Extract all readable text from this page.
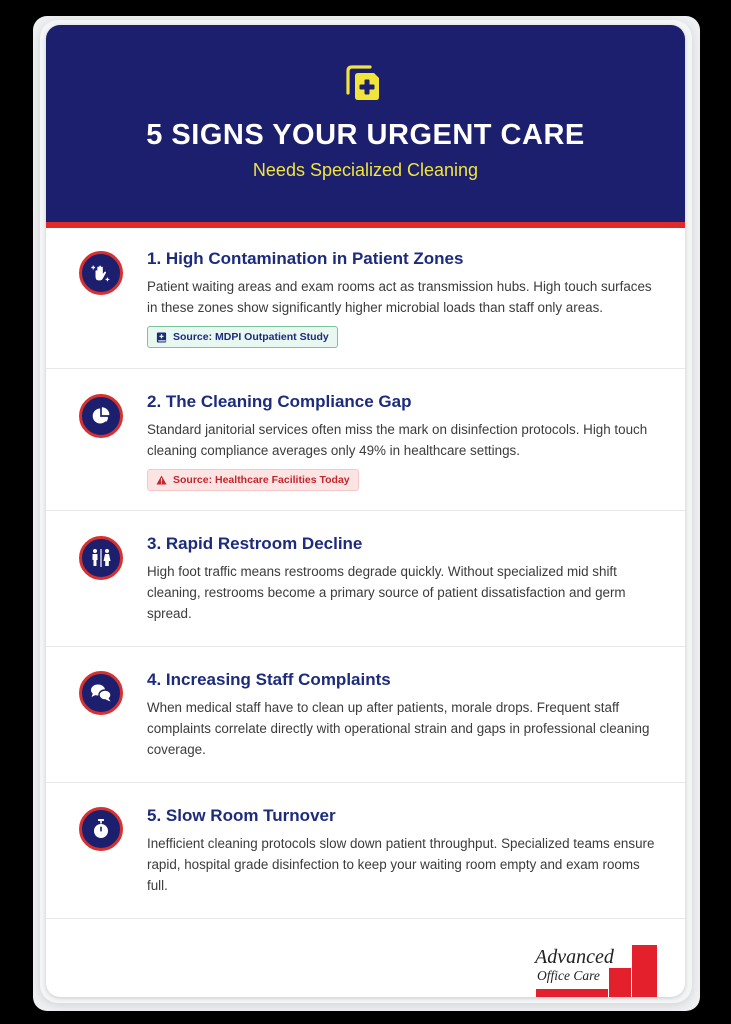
5 SIGNS YOUR URGENT CARE
Needs Specialized Cleaning
1. High Contamination in Patient Zones

Patient waiting areas and exam rooms act as transmission hubs. High touch surfaces in these zones show significantly higher microbial loads than staff only areas.

Source: MDPI Outpatient Study
2. The Cleaning Compliance Gap

Standard janitorial services often miss the mark on disinfection protocols. High touch cleaning compliance averages only 49% in healthcare settings.

Source: Healthcare Facilities Today
3. Rapid Restroom Decline

High foot traffic means restrooms degrade quickly. Without specialized mid shift cleaning, restrooms become a primary source of patient dissatisfaction and germ spread.

4. Increasing Staff Complaints

When medical staff have to clean up after patients, morale drops. Frequent staff complaints correlate directly with operational strain and gaps in professional cleaning coverage.

5. Slow Room Turnover

Inefficient cleaning protocols slow down patient throughput. Specialized teams ensure rapid, hospital grade disinfection to keep your waiting room empty and exam rooms full.

Advanced
Office Care
